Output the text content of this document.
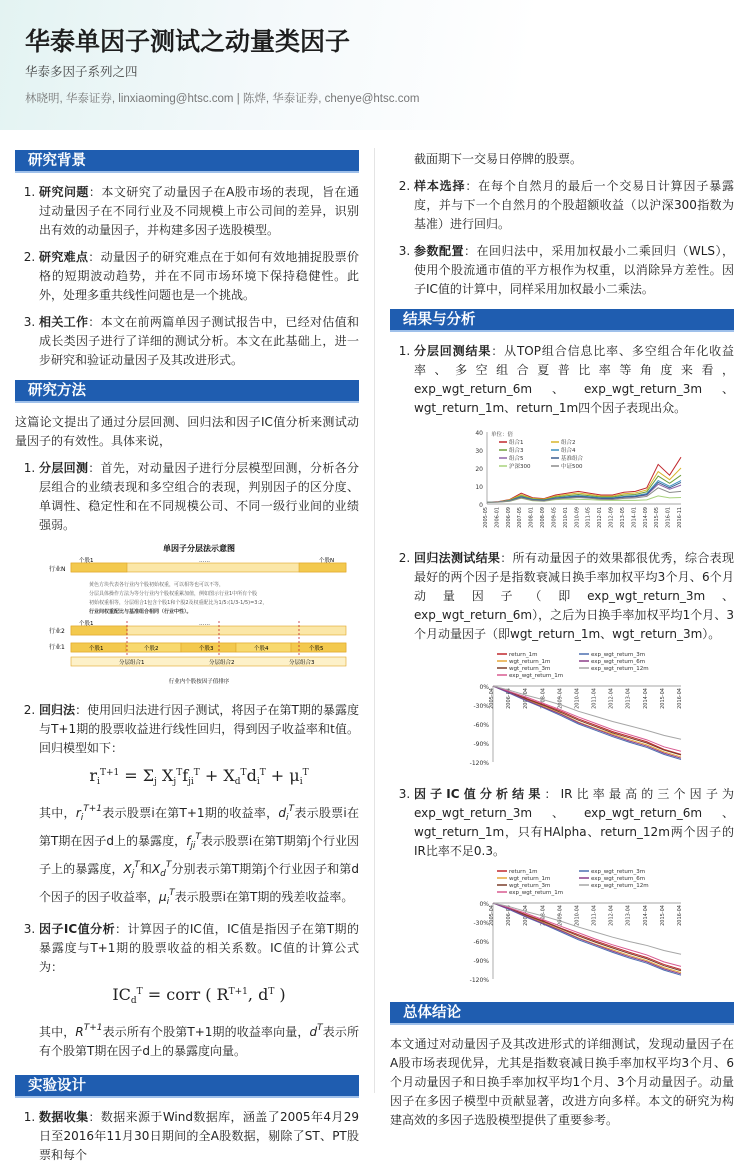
华泰单因子测试之动量类因子
华泰多因子系列之四
林晓明, 华泰证券, linxiaoming@htsc.com | 陈烨, 华泰证券, chenye@htsc.com
研究背景
1. 研究问题：本文研究了动量因子在A股市场的表现，旨在通过动量因子在不同行业及不同规模上市公司间的差异，识别出有效的动量因子，并构建多因子选股模型。
2. 研究难点：动量因子的研究难点在于如何有效地捕捉股票价格的短期波动趋势，并在不同市场环境下保持稳健性。此外，处理多重共线性问题也是一个挑战。
3. 相关工作：本文在前两篇单因子测试报告中，已经对估值和成长类因子进行了详细的测试分析。本文在此基础上，进一步研究和验证动量因子及其改进形式。
研究方法
这篇论文提出了通过分层回测、回归法和因子IC值分析来测试动量因子的有效性。具体来说，
1. 分层回测：首先，对动量因子进行分层模型回测，分析各分层组合的业绩表现和多空组合的表现，判别因子的区分度、单调性、稳定性和在不同规模公司、不同一级行业间的业绩强弱。
单因子分层法示意图
行业N
个股1	个股N
……
黄色方块代表各行业内个股初始权重，可以相等也可以不等，
分层具体操作方法为等分行业内个股权重累加值，例如图示行业1中所有个股
初始权重相等，分层组合1包含个股1和个股2及权重配比为1/5:(1/3-1/5)=3:2，
行业间权重配比与基准组合相同（行业中性）。
行业2
个股1	……
行业1	个股1	个股2	个股3	个股4	个股5
分层组合1	分层组合2	分层组合3
行业内个股按因子值排序
2. 回归法：使用回归法进行因子测试，将因子在第T期的暴露度与T+1期的股票收益进行线性回归，得到因子收益率和t值。回归模型如下：
$r_i^{T+1} = \Sigma_j$ $X_j^Tf_{ji}^T + X_d^Td_i^T + \mu_i^T$
其中，$r_i^{T+1}$表示股票i在第T+1期的收益率，$d_i^T$表示股票i在第T期在因子d上的暴露度，$f_{ji}^T$表示股票i在第T期第j个行业因子上的暴露度，$X_j^T$和$X_d^T$分别表示第T期第j个行业因子和第d个因子的因子收益率，$\mu_i^T$表示股票i在第T期的残差收益率。
3. 因子IC值分析：计算因子的IC值，IC值是指因子在第T期的暴露度与T+1期的股票收益的相关系数。IC值的计算公式为：
$IC_d^T$ = corr ( $R^{T+1}$, $d^T$ )
其中，$R^{T+1}$表示所有个股第T+1期的收益率向量，$d^T$表示所有个股第T期在因子d上的暴露度向量。
实验设计
1. 数据收集：数据来源于Wind数据库，涵盖了2005年4月29日至2016年11月30日期间的全A股数据，剔除了ST、PT股票和每个
截面期下一交易日停牌的股票。
2. 样本选择：在每个自然月的最后一个交易日计算因子暴露度，并与下一个自然月的个股超额收益（以沪深300指数为基准）进行回归。
3. 参数配置：在回归法中，采用加权最小二乘回归（WLS），使用个股流通市值的平方根作为权重，以消除异方差性。因子IC值的计算中，同样采用加权最小二乘法。
结果与分析
1. 分层回测结果：从TOP组合信息比率、多空组合年化收益率、多空组合夏普比率等角度来看，exp_wgt_return_6m、exp_wgt_return_3m、wgt_return_1m、return_1m四个因子表现出众。
0
10
20
30
40 单位：倍
2005-05 2006-01 2006-09 2007-05 2008-01 2008-09 2009-05 2010-01 2010-09 2011-05 2012-01 2012-09 2013-05 2014-01 2014-09 2015-05 2016-01 2016-11
组合1	组合2
组合3	组合4
组合5	基准组合
沪深300	中证500
2. 回归法测试结果：所有动量因子的效果都很优秀，综合表现最好的两个因子是指数衰减日换手率加权平均3个月、6个月动量因子（即exp_wgt_return_3m、exp_wgt_return_6m），之后为日换手率加权平均1个月、3个月动量因子（即wgt_return_1m、wgt_return_3m）。
return_1m
wgt_return_1m
wgt_return_3m
exp_wgt_return_1m
exp_wgt_return_3m
exp_wgt_return_6m
exp_wgt_return_12m
0%
-30%
-60%
-90%
-120%
2005-04 2006-04 2007-04 2008-04 2009-04 2010-04 2011-04 2012-04 2013-04 2014-04 2015-04 2016-04
3. 因子IC值分析结果：IR比率最高的三个因子为exp_wgt_return_3m、exp_wgt_return_6m、wgt_return_1m，只有HAlpha、return_12m两个因子的IR比率不足0.3。
return_1m
wgt_return_1m
wgt_return_3m
exp_wgt_return_1m
exp_wgt_return_3m
exp_wgt_return_6m
exp_wgt_return_12m
0%
-30%
-60%
-90%
-120%
2005-04 2006-04 2007-04 2008-04 2009-04 2010-04 2011-04 2012-04 2013-04 2014-04 2015-04 2016-04
总体结论
本文通过对动量因子及其改进形式的详细测试，发现动量因子在A股市场表现优异，尤其是指数衰减日换手率加权平均3个月、6个月动量因子和日换手率加权平均1个月、3个月动量因子。动量因子在多因子模型中贡献显著，改进方向多样。本文的研究为构建高效的多因子选股模型提供了重要参考。
